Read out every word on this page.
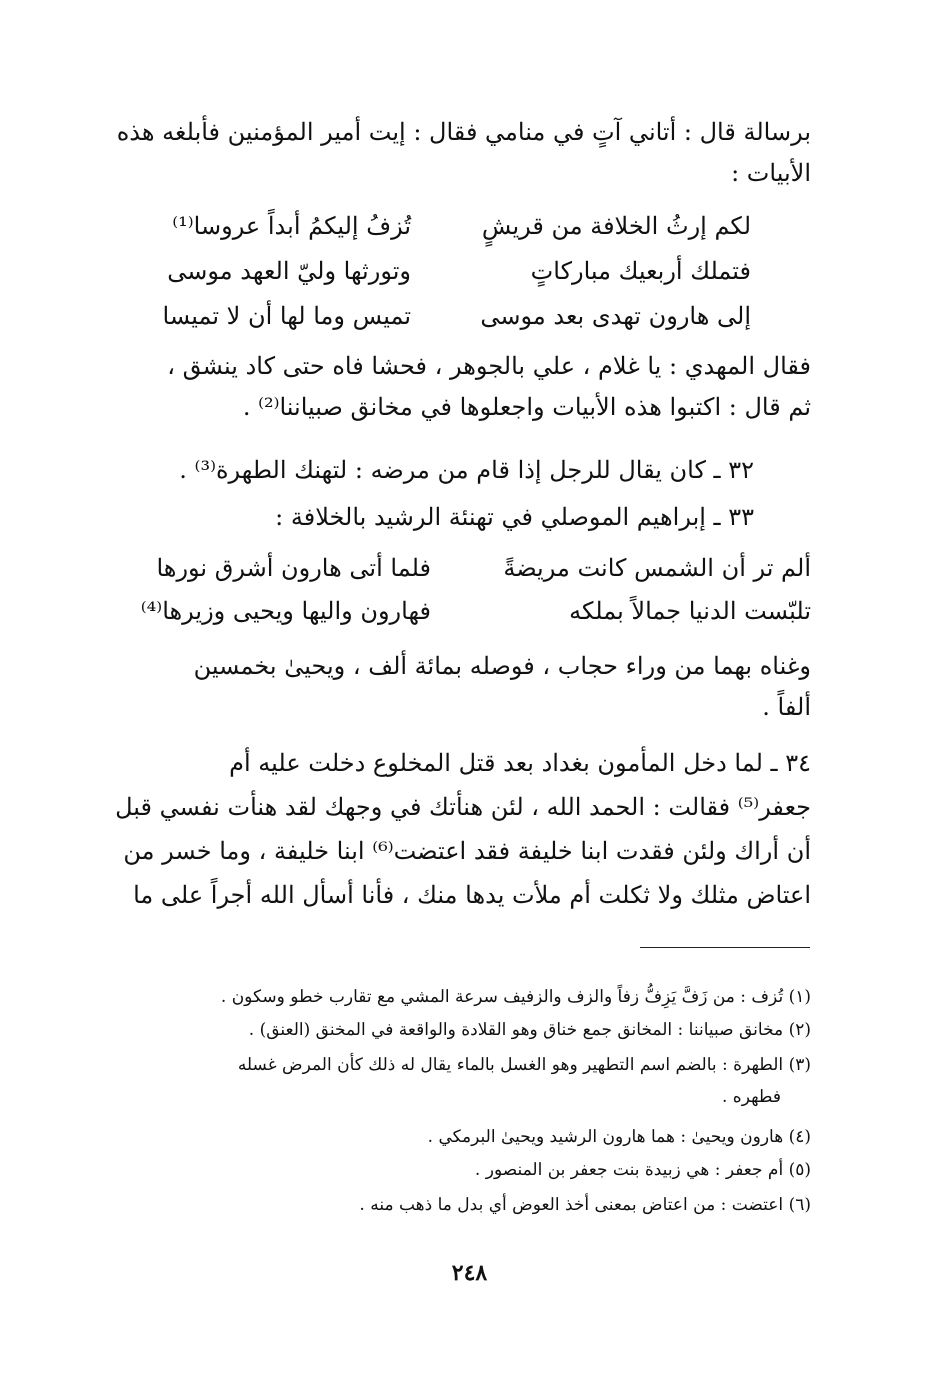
برسالة قال : أتاني آتٍ في منامي فقال : إيت أمير المؤمنين فأبلغه هذه
الأبيات :

لكم إرثُ الخلافة من قريشٍ
تُزفُ إليكمُ أبداً عروسا⁽¹⁾
فتملك أربعيك مباركاتٍ
وتورثها وليّ العهد موسى
إلى هارون تهدى بعد موسى
تميس وما لها أن لا تميسا

فقال المهدي : يا غلام ، علي بالجوهر ، فحشا فاه حتى كاد ينشق ،
ثم قال : اكتبوا هذه الأبيات واجعلوها في مخانق صبياننا⁽²⁾ .

٣٢ ـ كان يقال للرجل إذا قام من مرضه : لتهنك الطهرة⁽³⁾ .
٣٣ ـ إبراهيم الموصلي في تهنئة الرشيد بالخلافة :
ألم تر أن الشمس كانت مريضةً
فلما أتى هارون أشرق نورها
تلبّست الدنيا جمالاً بملكه
فهارون واليها ويحيى وزيرها⁽⁴⁾

وغناه بهما من وراء حجاب ، فوصله بمائة ألف ، ويحيىٰ بخمسين
ألفاً .

٣٤ ـ لما دخل المأمون بغداد بعد قتل المخلوع دخلت عليه أم
جعفر⁽⁵⁾ فقالت : الحمد الله ، لئن هنأتك في وجهك لقد هنأت نفسي قبل
أن أراك ولئن فقدت ابنا خليفة فقد اعتضت⁽⁶⁾ ابنا خليفة ، وما خسر من
اعتاض مثلك ولا ثكلت أم ملأت يدها منك ، فأنا أسأل الله أجراً على ما

(١) تُزف : من زَفَّ يَزِفُّ زفاً والزف والزفيف سرعة المشي مع تقارب خطو وسكون .
(٢) مخانق صبياننا : المخانق جمع خناق وهو القلادة والواقعة في المخنق (العنق) .
(٣) الطهرة : بالضم اسم التطهير وهو الغسل بالماء يقال له ذلك كأن المرض غسله
فطهره .
(٤) هارون ويحيىٰ : هما هارون الرشيد ويحيىٰ البرمكي .
(٥) أم جعفر : هي زبيدة بنت جعفر بن المنصور .
(٦) اعتضت : من اعتاض بمعنى أخذ العوض أي بدل ما ذهب منه .
٢٤٨
